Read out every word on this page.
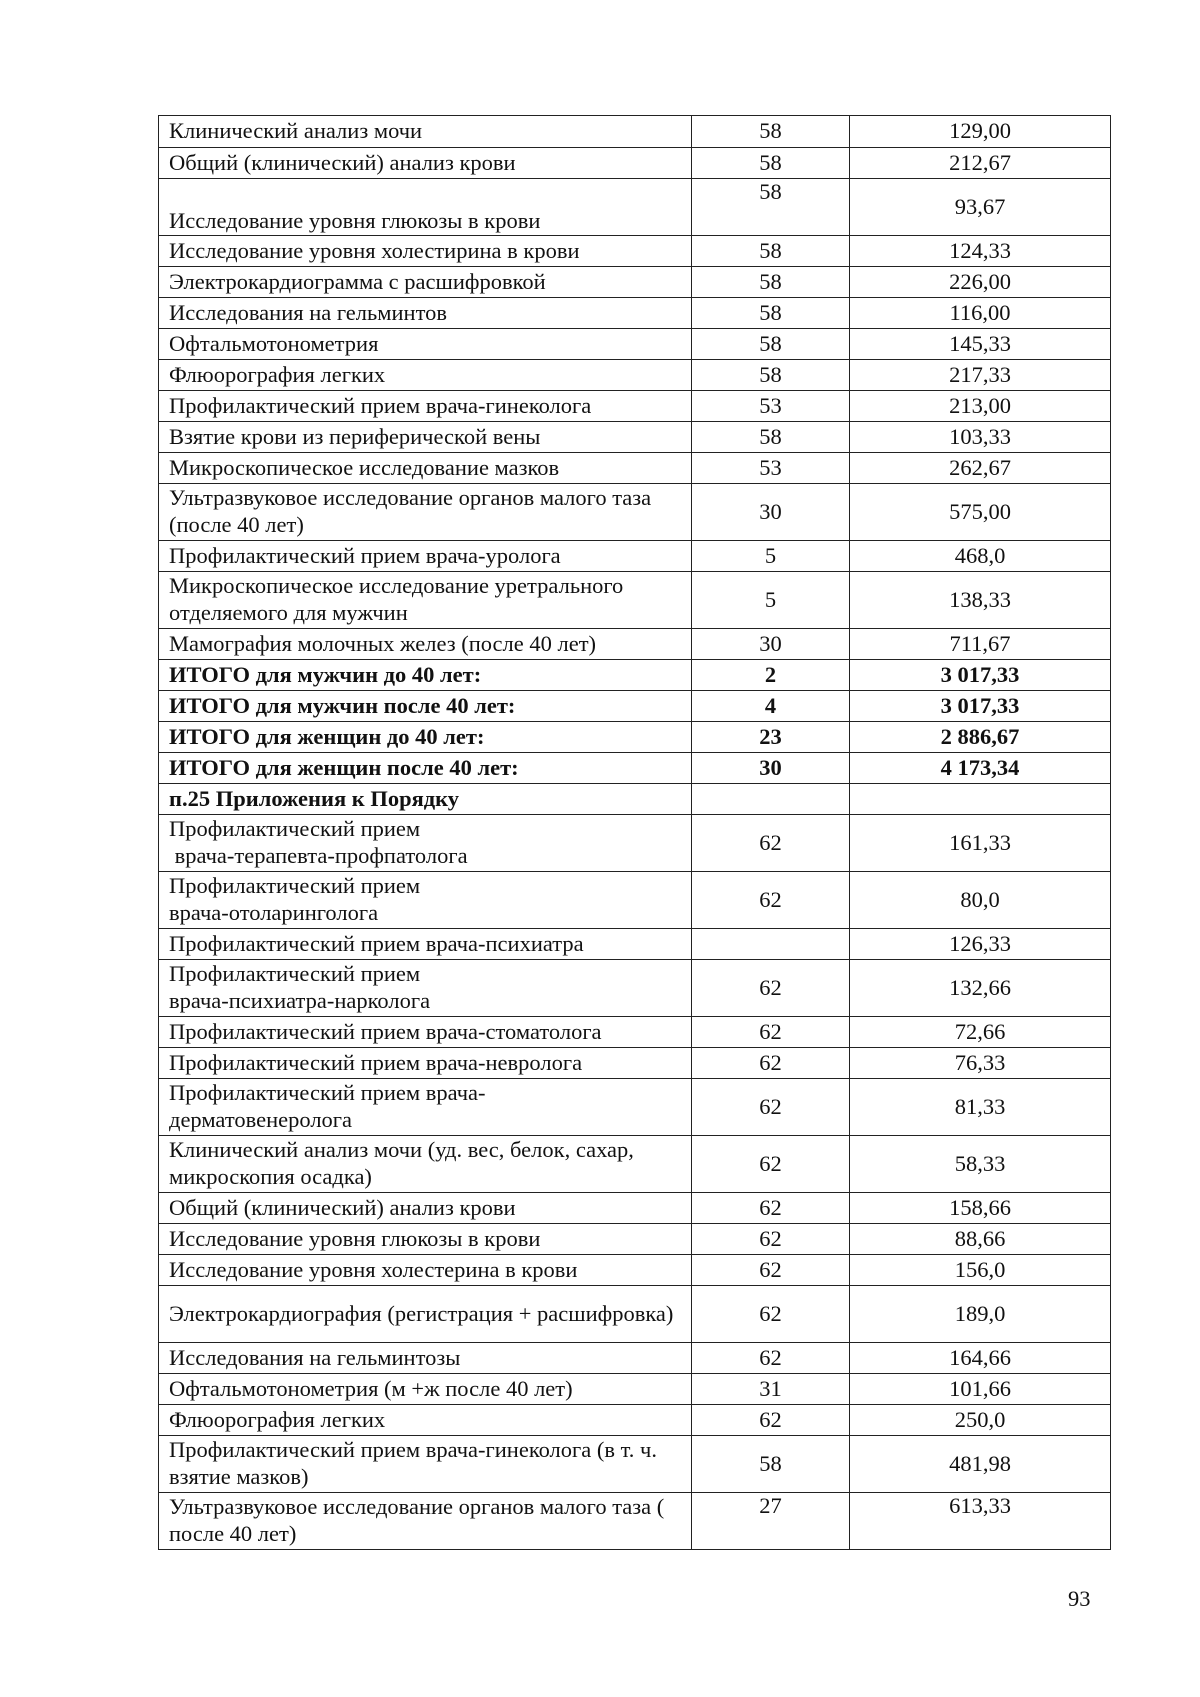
Клинический анализ мочи	58	129,00
Общий (клинический) анализ крови	58	212,67
Исследование уровня глюкозы в крови	58	93,67
Исследование уровня холестирина в крови	58	124,33
Электрокардиограмма с расшифровкой	58	226,00
Исследования на гельминтов	58	116,00
Офтальмотонометрия	58	145,33
Флюорография легких	58	217,33
Профилактический прием врача-гинеколога	53	213,00
Взятие крови из периферической вены	58	103,33
Микроскопическое исследование мазков	53	262,67
Ультразвуковое исследование органов малого таза (после 40 лет)	30	575,00
Профилактический прием врача-уролога	5	468,0
Микроскопическое исследование уретрального отделяемого для мужчин	5	138,33
Мамография молочных желез (после 40 лет)	30	711,67
ИТОГО для мужчин до 40 лет:	2	3 017,33
ИТОГО для мужчин после 40 лет:	4	3 017,33
ИТОГО для женщин до 40 лет:	23	2 886,67
ИТОГО для женщин после 40 лет:	30	4 173,34
п.25 Приложения к Порядку		
Профилактический прием
врача-терапевта-профпатолога	62	161,33
Профилактический прием
врача-отоларинголога	62	80,0
Профилактический прием врача-психиатра		126,33
Профилактический прием
врача-психиатра-нарколога	62	132,66
Профилактический прием врача-стоматолога	62	72,66
Профилактический прием врача-невролога	62	76,33
Профилактический прием врача-
дерматовенеролога	62	81,33
Клинический анализ мочи (уд. вес, белок, сахар, микроскопия осадка)	62	58,33
Общий (клинический) анализ крови	62	158,66
Исследование уровня глюкозы в крови	62	88,66
Исследование уровня холестерина в крови	62	156,0
Электрокардиография (регистрация + расшифровка)	62	189,0
Исследования на гельминтозы	62	164,66
Офтальмотонометрия (м +ж после 40 лет)	31	101,66
Флюорография легких	62	250,0
Профилактический прием врача-гинеколога (в т. ч. взятие мазков)	58	481,98
Ультразвуковое исследование органов малого таза ( после 40 лет)	27	613,33
93
